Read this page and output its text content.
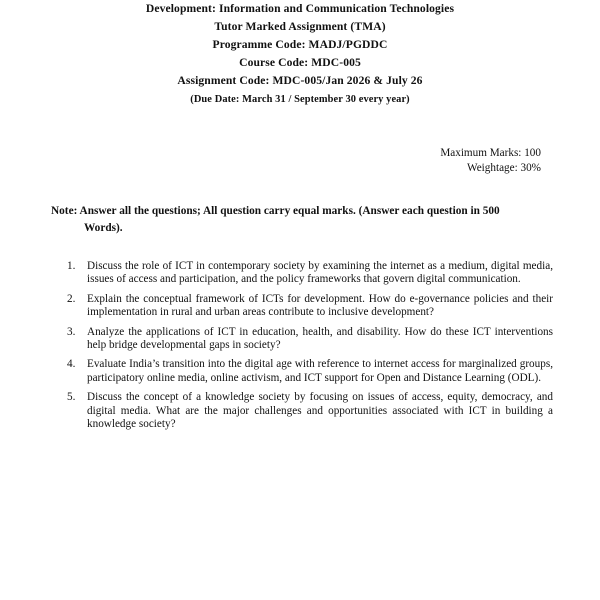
Development: Information and Communication Technologies
Tutor Marked Assignment (TMA)
Programme Code: MADJ/PGDDC
Course Code: MDC-005
Assignment Code: MDC-005/Jan 2026 & July 26
(Due Date: March 31 / September 30 every year)
Maximum Marks: 100
Weightage: 30%
Note: Answer all the questions; All question carry equal marks. (Answer each question in 500
Words).
1.	Discuss the role of ICT in contemporary society by examining the internet as a medium, digital media, issues of access and participation, and the policy frameworks that govern digital communication.
2.	Explain the conceptual framework of ICTs for development. How do e-governance policies and their implementation in rural and urban areas contribute to inclusive development?
3.	Analyze the applications of ICT in education, health, and disability. How do these ICT interventions help bridge developmental gaps in society?
4.	Evaluate India’s transition into the digital age with reference to internet access for marginalized groups, participatory online media, online activism, and ICT support for Open and Distance Learning (ODL).
5.	Discuss the concept of a knowledge society by focusing on issues of access, equity, democracy, and digital media. What are the major challenges and opportunities associated with ICT in building a knowledge society?
